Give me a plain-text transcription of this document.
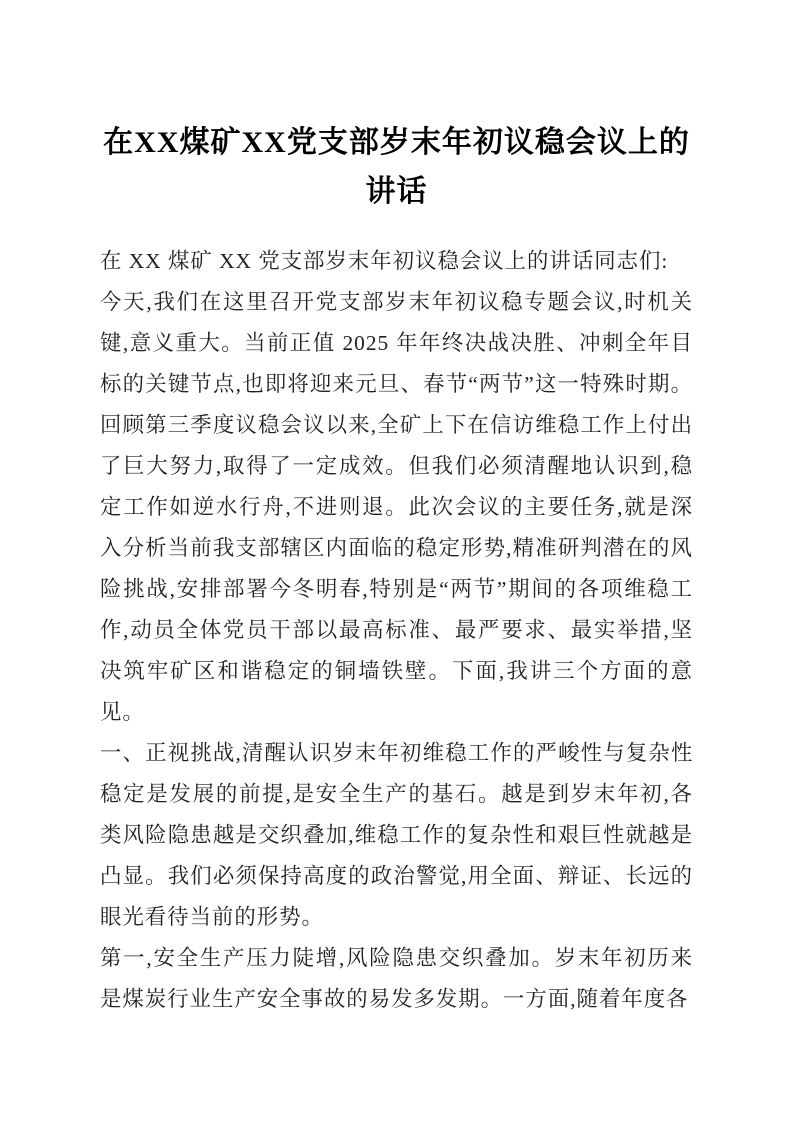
在XX煤矿XX党支部岁末年初议稳会议上的讲话

在 XX 煤矿 XX 党支部岁末年初议稳会议上的讲话同志们:

今天,我们在这里召开党支部岁末年初议稳专题会议,时机关键,意义重大。当前正值 2025 年年终决战决胜、冲刺全年目标的关键节点,也即将迎来元旦、春节“两节”这一特殊时期。回顾第三季度议稳会议以来,全矿上下在信访维稳工作上付出了巨大努力,取得了一定成效。但我们必须清醒地认识到,稳定工作如逆水行舟,不进则退。此次会议的主要任务,就是深入分析当前我支部辖区内面临的稳定形势,精准研判潜在的风险挑战,安排部署今冬明春,特别是“两节”期间的各项维稳工作,动员全体党员干部以最高标准、最严要求、最实举措,坚决筑牢矿区和谐稳定的铜墙铁壁。下面,我讲三个方面的意见。

一、正视挑战,清醒认识岁末年初维稳工作的严峻性与复杂性

稳定是发展的前提,是安全生产的基石。越是到岁末年初,各类风险隐患越是交织叠加,维稳工作的复杂性和艰巨性就越是凸显。我们必须保持高度的政治警觉,用全面、辩证、长远的眼光看待当前的形势。

第一,安全生产压力陡增,风险隐患交织叠加。岁末年初历来是煤炭行业生产安全事故的易发多发期。一方面,随着年度各
